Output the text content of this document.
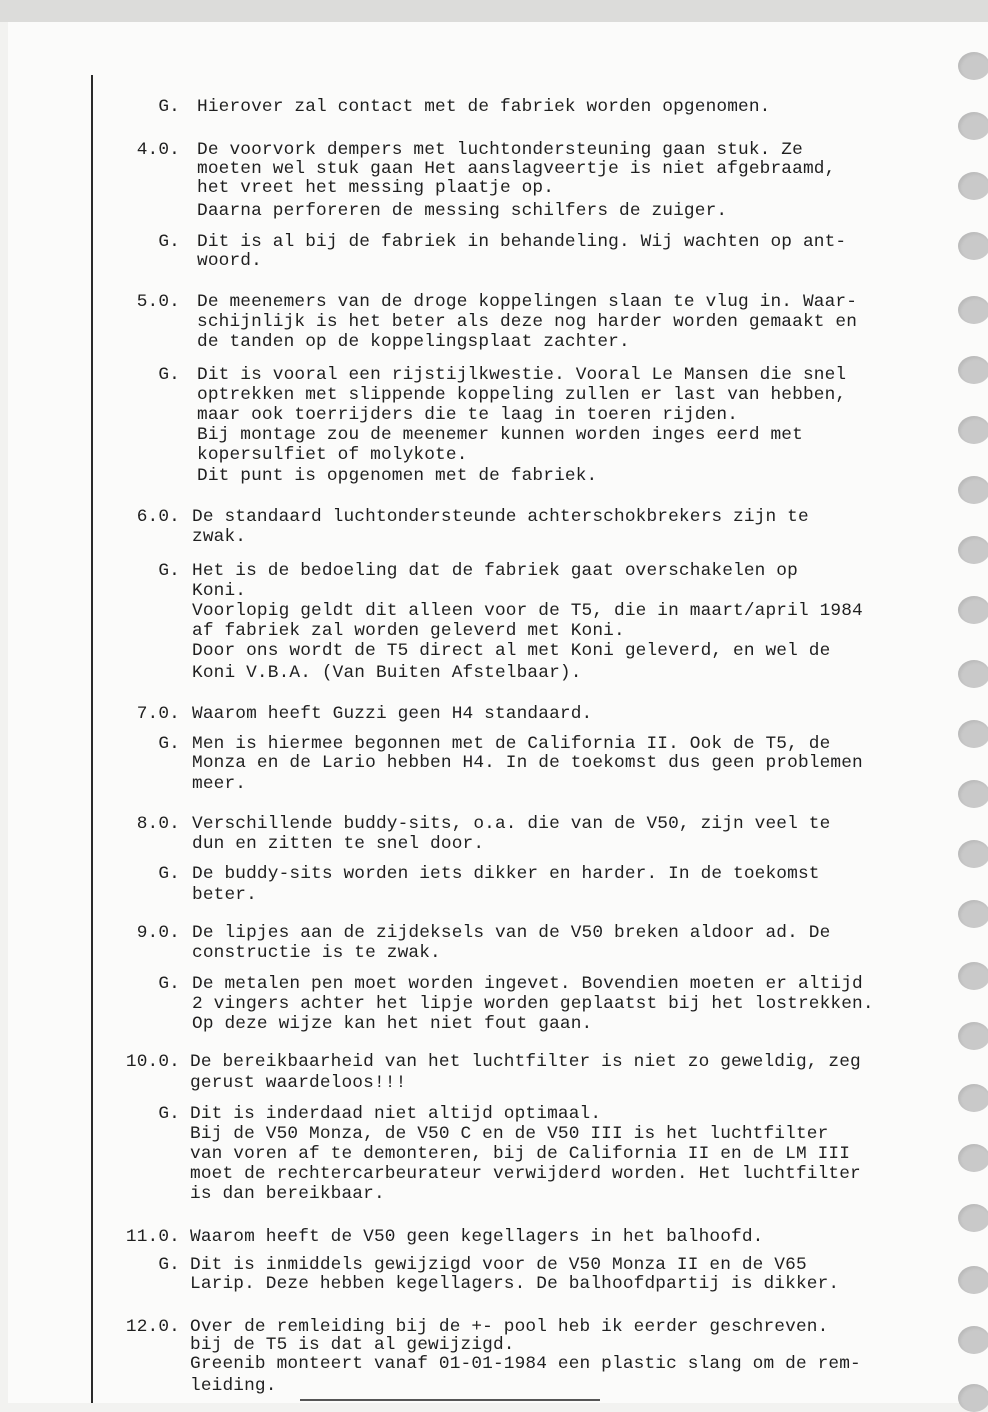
G. Hierover zal contact met de fabriek worden opgenomen.
4.0. De voorvork dempers met luchtondersteuning gaan stuk. Ze
moeten wel stuk gaan Het aanslagveertje is niet afgebraamd,
het vreet het messing plaatje op.
Daarna perforeren de messing schilfers de zuiger.
G. Dit is al bij de fabriek in behandeling. Wij wachten op ant-
woord.
5.0. De meenemers van de droge koppelingen slaan te vlug in. Waar-
schijnlijk is het beter als deze nog harder worden gemaakt en
de tanden op de koppelingsplaat zachter.
G. Dit is vooral een rijstijlkwestie. Vooral Le Mansen die snel
optrekken met slippende koppeling zullen er last van hebben,
maar ook toerrijders die te laag in toeren rijden.
Bij montage zou de meenemer kunnen worden inges eerd met
kopersulfiet of molykote.
Dit punt is opgenomen met de fabriek.
6.0. De standaard luchtondersteunde achterschokbrekers zijn te
zwak.
G. Het is de bedoeling dat de fabriek gaat overschakelen op
Koni.
Voorlopig geldt dit alleen voor de T5, die in maart/april 1984
af fabriek zal worden geleverd met Koni.
Door ons wordt de T5 direct al met Koni geleverd, en wel de
Koni V.B.A. (Van Buiten Afstelbaar).
7.0. Waarom heeft Guzzi geen H4 standaard.
G. Men is hiermee begonnen met de California II. Ook de T5, de
Monza en de Lario hebben H4. In de toekomst dus geen problemen
meer.
8.0. Verschillende buddy-sits, o.a. die van de V50, zijn veel te
dun en zitten te snel door.
G. De buddy-sits worden iets dikker en harder. In de toekomst
beter.
9.0. De lipjes aan de zijdeksels van de V50 breken aldoor ad. De
constructie is te zwak.
G. De metalen pen moet worden ingevet. Bovendien moeten er altijd
2 vingers achter het lipje worden geplaatst bij het lostrekken.
Op deze wijze kan het niet fout gaan.
10.0. De bereikbaarheid van het luchtfilter is niet zo geweldig, zeg
gerust waardeloos!!!
G. Dit is inderdaad niet altijd optimaal.
Bij de V50 Monza, de V50 C en de V50 III is het luchtfilter
van voren af te demonteren, bij de California II en de LM III
moet de rechtercarbeurateur verwijderd worden. Het luchtfilter
is dan bereikbaar.
11.0. Waarom heeft de V50 geen kegellagers in het balhoofd.
G. Dit is inmiddels gewijzigd voor de V50 Monza II en de V65
Larip. Deze hebben kegellagers. De balhoofdpartij is dikker.
12.0. Over de remleiding bij de +- pool heb ik eerder geschreven.
bij de T5 is dat al gewijzigd.
Greenib monteert vanaf 01-01-1984 een plastic slang om de rem-
leiding.
